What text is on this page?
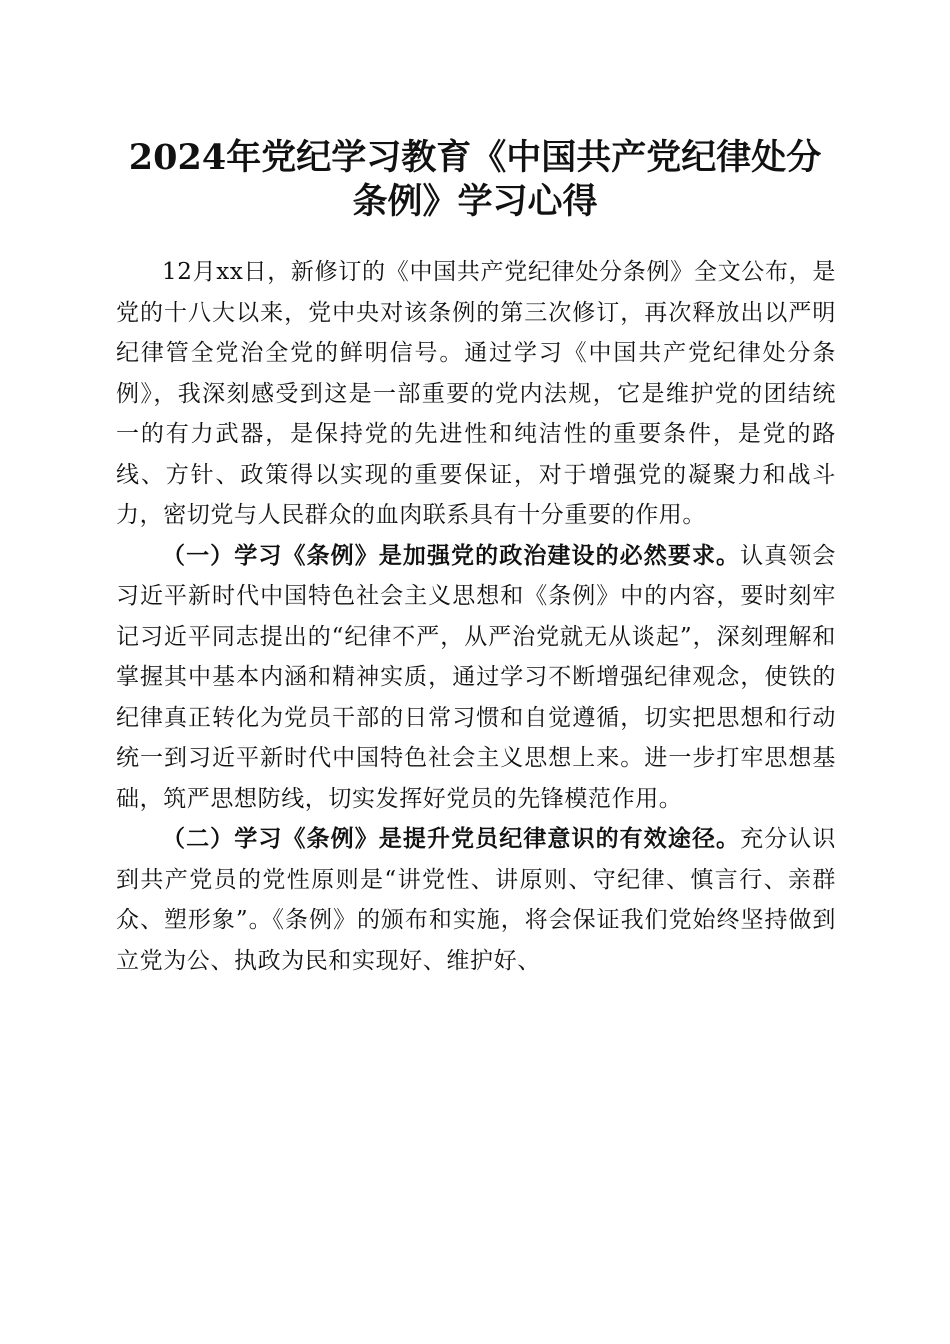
2024年党纪学习教育《中国共产党纪律处分条例》学习心得

12月xx日，新修订的《中国共产党纪律处分条例》全文公布，是党的十八大以来，党中央对该条例的第三次修订，再次释放出以严明纪律管全党治全党的鲜明信号。通过学习《中国共产党纪律处分条例》，我深刻感受到这是一部重要的党内法规，它是维护党的团结统一的有力武器，是保持党的先进性和纯洁性的重要条件，是党的路线、方针、政策得以实现的重要保证，对于增强党的凝聚力和战斗力，密切党与人民群众的血肉联系具有十分重要的作用。

（一）学习《条例》是加强党的政治建设的必然要求。认真领会习近平新时代中国特色社会主义思想和《条例》中的内容，要时刻牢记习近平同志提出的“纪律不严，从严治党就无从谈起”，深刻理解和掌握其中基本内涵和精神实质，通过学习不断增强纪律观念，使铁的纪律真正转化为党员干部的日常习惯和自觉遵循，切实把思想和行动统一到习近平新时代中国特色社会主义思想上来。进一步打牢思想基础，筑严思想防线，切实发挥好党员的先锋模范作用。

（二）学习《条例》是提升党员纪律意识的有效途径。充分认识到共产党员的党性原则是“讲党性、讲原则、守纪律、慎言行、亲群众、塑形象”。《条例》的颁布和实施，将会保证我们党始终坚持做到立党为公、执政为民和实现好、维护好、
